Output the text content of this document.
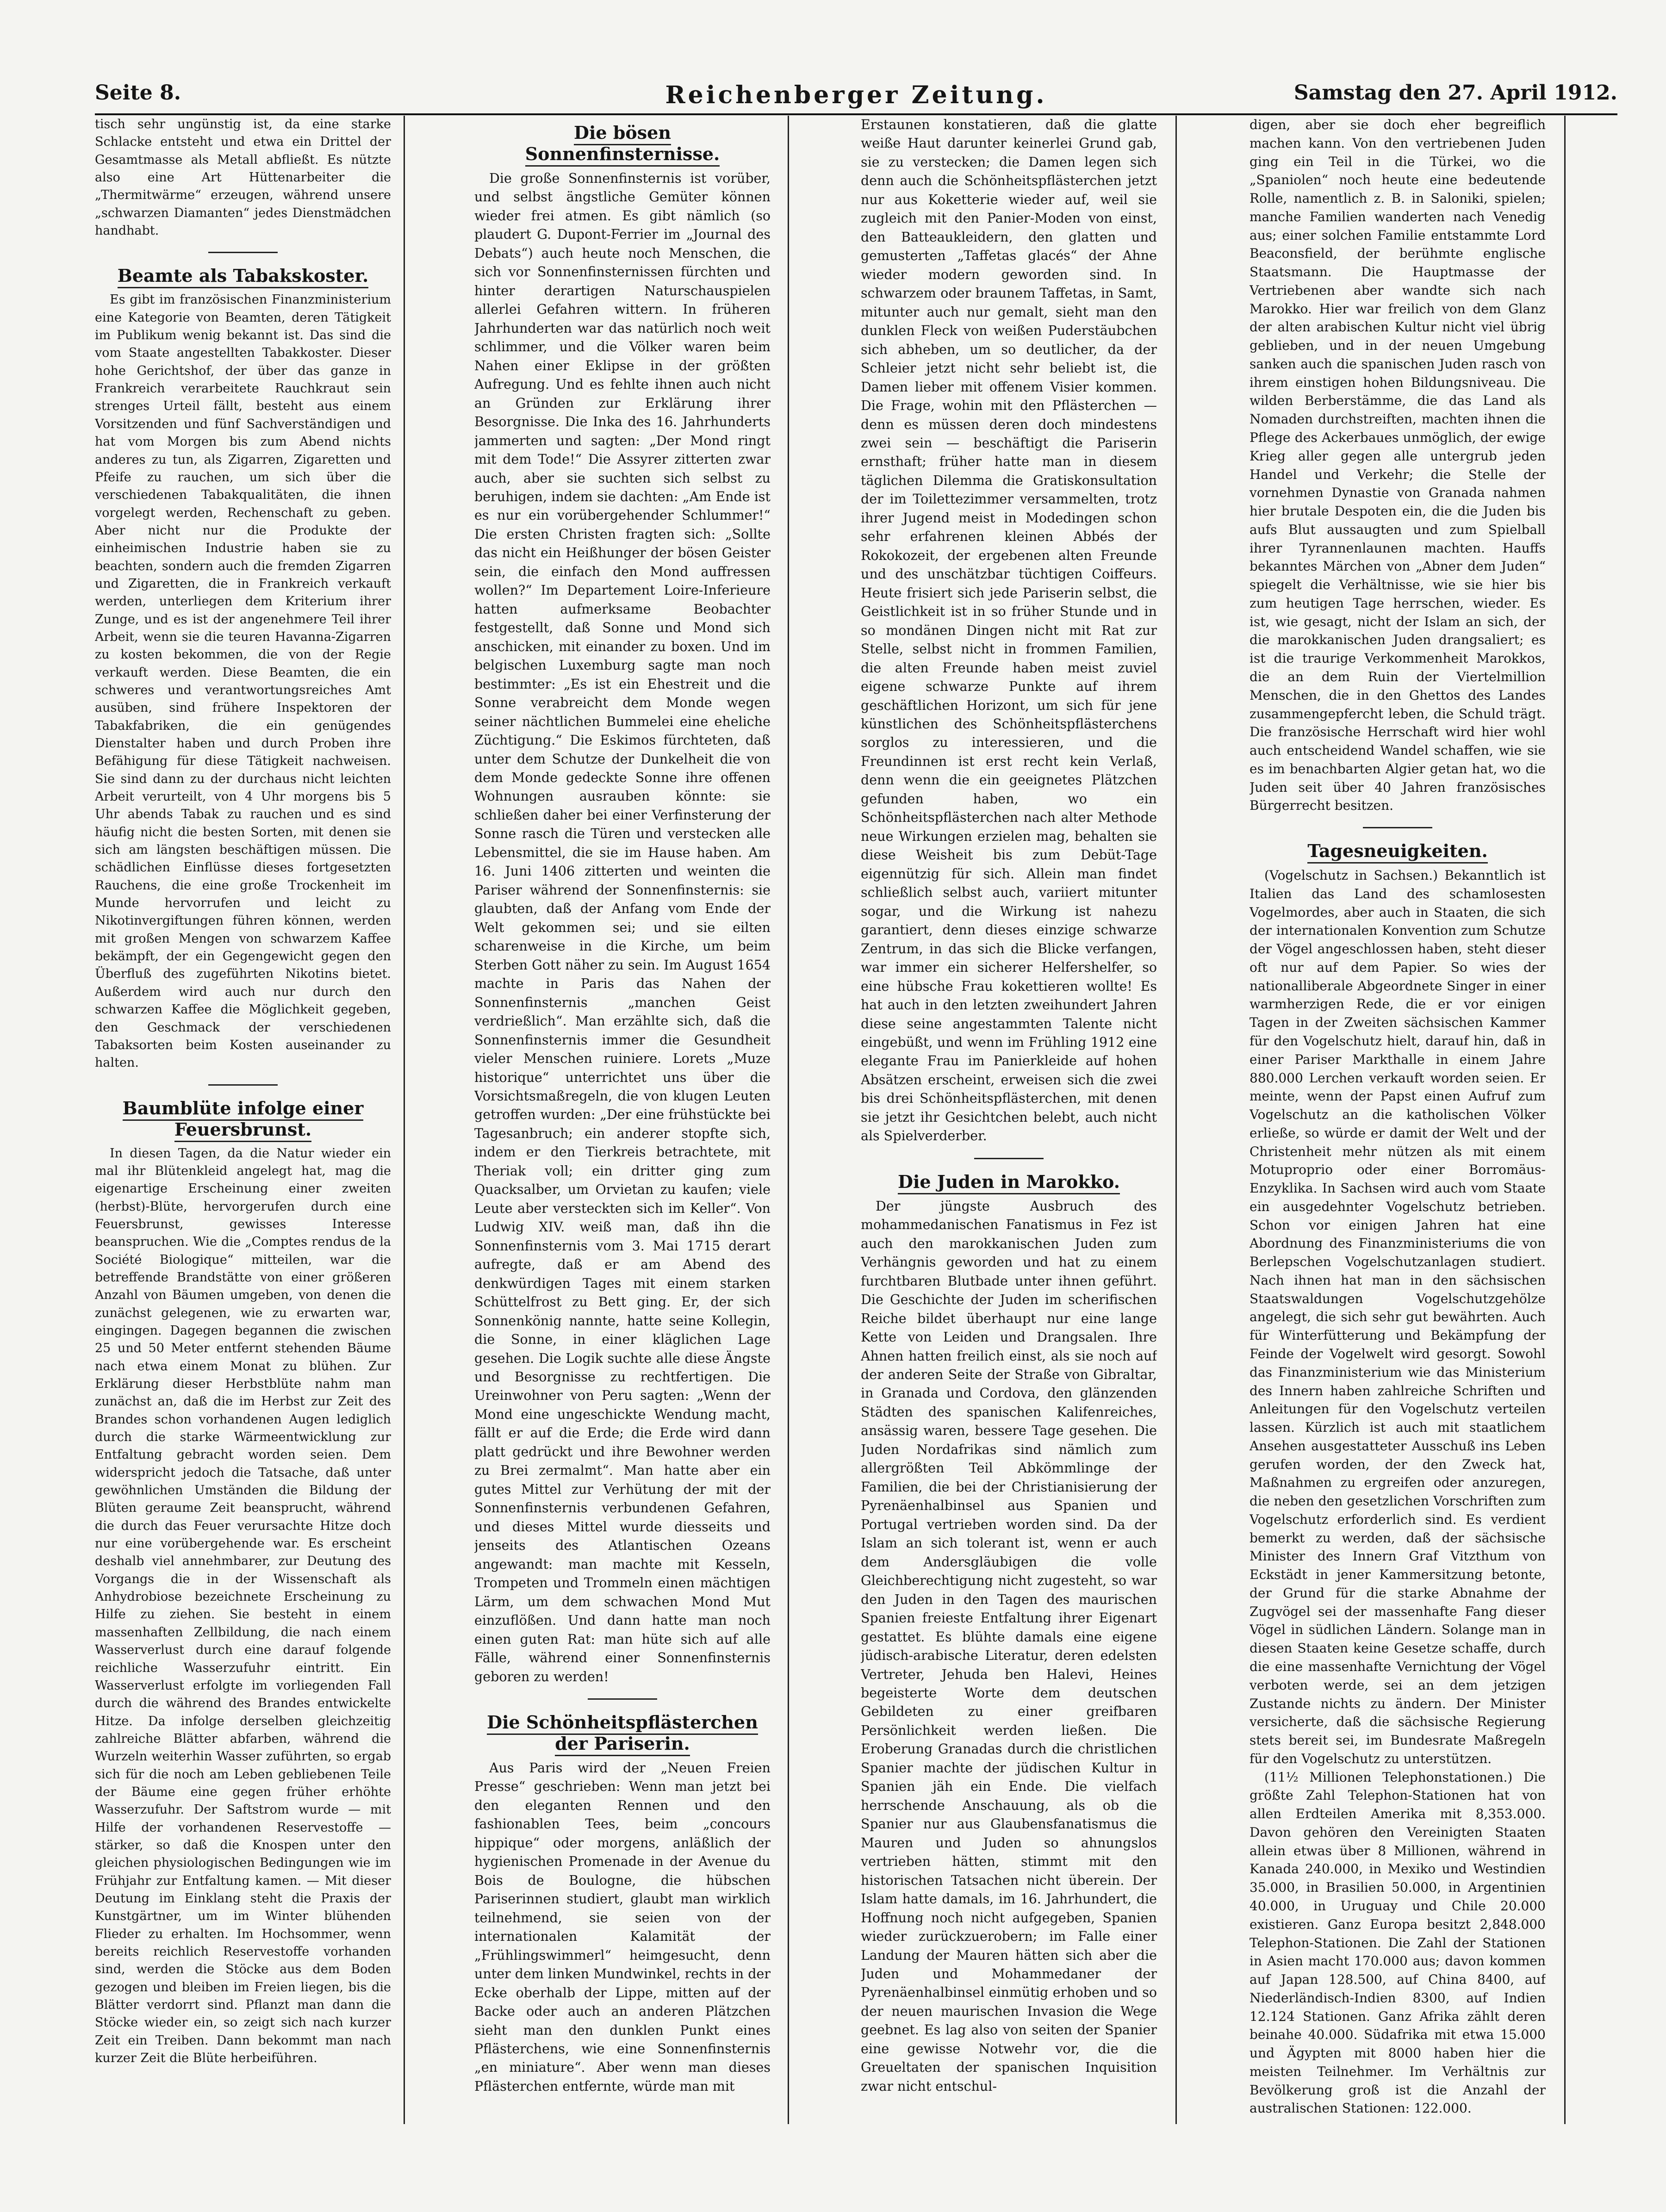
Seite 8.	Reichenberger Zeitung.	Samstag den 27. April 1912.

tisch sehr ungünstig ist, da eine starke Schlacke entsteht und etwa ein Drittel der Gesamtmasse als Metall abfließt. Es nützte also eine Art Hüttenarbeiter die „Thermitwärme“ erzeugen, während unsere „schwarzen Diamanten“ jedes Dienstmädchen handhabt.

Beamte als Tabakskoster.

Es gibt im französischen Finanzministerium eine Kategorie von Beamten, deren Tätigkeit im Publikum wenig bekannt ist. Das sind die vom Staate angestellten Tabakkoster. Dieser hohe Gerichtshof, der über das ganze in Frankreich verarbeitete Rauchkraut sein strenges Urteil fällt, besteht aus einem Vorsitzenden und fünf Sachverständigen und hat vom Morgen bis zum Abend nichts anderes zu tun, als Zigarren, Zigaretten und Pfeife zu rauchen, um sich über die verschiedenen Tabakqualitäten, die ihnen vorgelegt werden, Rechenschaft zu geben. Aber nicht nur die Produkte der einheimischen Industrie haben sie zu beachten, sondern auch die fremden Zigarren und Zigaretten, die in Frankreich verkauft werden, unterliegen dem Kriterium ihrer Zunge, und es ist der angenehmere Teil ihrer Arbeit, wenn sie die teuren Havanna-Zigarren zu kosten bekommen, die von der Regie verkauft werden. Diese Beamten, die ein schweres und verantwortungsreiches Amt ausüben, sind frühere Inspektoren der Tabakfabriken, die ein genügendes Dienstalter haben und durch Proben ihre Befähigung für diese Tätigkeit nachweisen. Sie sind dann zu der durchaus nicht leichten Arbeit verurteilt, von 4 Uhr morgens bis 5 Uhr abends Tabak zu rauchen und es sind häufig nicht die besten Sorten, mit denen sie sich am längsten beschäftigen müssen. Die schädlichen Einflüsse dieses fortgesetzten Rauchens, die eine große Trockenheit im Munde hervorrufen und leicht zu Nikotinvergiftungen führen können, werden mit großen Mengen von schwarzem Kaffee bekämpft, der ein Gegengewicht gegen den Überfluß des zugeführten Nikotins bietet. Außerdem wird auch nur durch den schwarzen Kaffee die Möglichkeit gegeben, den Geschmack der verschiedenen Tabaksorten beim Kosten auseinander zu halten.

Baumblüte infolge einer Feuersbrunst.

In diesen Tagen, da die Natur wieder ein mal ihr Blütenkleid angelegt hat, mag die eigenartige Erscheinung einer zweiten (herbst)-Blüte, hervorgerufen durch eine Feuersbrunst, gewisses Interesse beanspruchen. Wie die „Comptes rendus de la Société Biologique“ mitteilen, war die betreffende Brandstätte von einer größeren Anzahl von Bäumen umgeben, von denen die zunächst gelegenen, wie zu erwarten war, eingingen. Dagegen begannen die zwischen 25 und 50 Meter entfernt stehenden Bäume nach etwa einem Monat zu blühen. Zur Erklärung dieser Herbstblüte nahm man zunächst an, daß die im Herbst zur Zeit des Brandes schon vorhandenen Augen lediglich durch die starke Wärmeentwicklung zur Entfaltung gebracht worden seien. Dem widerspricht jedoch die Tatsache, daß unter gewöhnlichen Umständen die Bildung der Blüten geraume Zeit beansprucht, während die durch das Feuer verursachte Hitze doch nur eine vorübergehende war. Es erscheint deshalb viel annehmbarer, zur Deutung des Vorgangs die in der Wissenschaft als Anhydrobiose bezeichnete Erscheinung zu Hilfe zu ziehen. Sie besteht in einem massenhaften Zellbildung, die nach einem Wasserverlust durch eine darauf folgende reichliche Wasserzufuhr eintritt. Ein Wasserverlust erfolgte im vorliegenden Fall durch die während des Brandes entwickelte Hitze. Da infolge derselben gleichzeitig zahlreiche Blätter abfarben, während die Wurzeln weiterhin Wasser zuführten, so ergab sich für die noch am Leben gebliebenen Teile der Bäume eine gegen früher erhöhte Wasserzufuhr. Der Saftstrom wurde — mit Hilfe der vorhandenen Reservestoffe — stärker, so daß die Knospen unter den gleichen physiologischen Bedingungen wie im Frühjahr zur Entfaltung kamen. — Mit dieser Deutung im Einklang steht die Praxis der Kunstgärtner, um im Winter blühenden Flieder zu erhalten. Im Hochsommer, wenn bereits reichlich Reservestoffe vorhanden sind, werden die Stöcke aus dem Boden gezogen und bleiben im Freien liegen, bis die Blätter verdorrt sind. Pflanzt man dann die Stöcke wieder ein, so zeigt sich nach kurzer Zeit ein Treiben. Dann bekommt man nach kurzer Zeit die Blüte herbeiführen.

Die bösen Sonnenfinsternisse.

Die große Sonnenfinsternis ist vorüber, und selbst ängstliche Gemüter können wieder frei atmen. Es gibt nämlich (so plaudert G. Dupont-Ferrier im „Journal des Debats“) auch heute noch Menschen, die sich vor Sonnenfinsternissen fürchten und hinter derartigen Naturschauspielen allerlei Gefahren wittern. In früheren Jahrhunderten war das natürlich noch weit schlimmer, und die Völker waren beim Nahen einer Eklipse in der größten Aufregung. Und es fehlte ihnen auch nicht an Gründen zur Erklärung ihrer Besorgnisse. Die Inka des 16. Jahrhunderts jammerten und sagten: „Der Mond ringt mit dem Tode!“ Die Assyrer zitterten zwar auch, aber sie suchten sich selbst zu beruhigen, indem sie dachten: „Am Ende ist es nur ein vorübergehender Schlummer!“ Die ersten Christen fragten sich: „Sollte das nicht ein Heißhunger der bösen Geister sein, die einfach den Mond auffressen wollen?“ Im Departement Loire-Inferieure hatten aufmerksame Beobachter festgestellt, daß Sonne und Mond sich anschicken, mit einander zu boxen. Und im belgischen Luxemburg sagte man noch bestimmter: „Es ist ein Ehestreit und die Sonne verabreicht dem Monde wegen seiner nächtlichen Bummelei eine eheliche Züchtigung.“ Die Eskimos fürchteten, daß unter dem Schutze der Dunkelheit die von dem Monde gedeckte Sonne ihre offenen Wohnungen ausrauben könnte: sie schließen daher bei einer Verfinsterung der Sonne rasch die Türen und verstecken alle Lebensmittel, die sie im Hause haben. Am 16. Juni 1406 zitterten und weinten die Pariser während der Sonnenfinsternis: sie glaubten, daß der Anfang vom Ende der Welt gekommen sei; und sie eilten scharenweise in die Kirche, um beim Sterben Gott näher zu sein. Im August 1654 machte in Paris das Nahen der Sonnenfinsternis „manchen Geist verdrießlich“. Man erzählte sich, daß die Sonnenfinsternis immer die Gesundheit vieler Menschen ruiniere. Lorets „Muze historique“ unterrichtet uns über die Vorsichtsmaßregeln, die von klugen Leuten getroffen wurden: „Der eine frühstückte bei Tagesanbruch; ein anderer stopfte sich, indem er den Tierkreis betrachtete, mit Theriak voll; ein dritter ging zum Quacksalber, um Orvietan zu kaufen; viele Leute aber versteckten sich im Keller“. Von Ludwig XIV. weiß man, daß ihn die Sonnenfinsternis vom 3. Mai 1715 derart aufregte, daß er am Abend des denkwürdigen Tages mit einem starken Schüttelfrost zu Bett ging. Er, der sich Sonnenkönig nannte, hatte seine Kollegin, die Sonne, in einer kläglichen Lage gesehen. Die Logik suchte alle diese Ängste und Besorgnisse zu rechtfertigen. Die Ureinwohner von Peru sagten: „Wenn der Mond eine ungeschickte Wendung macht, fällt er auf die Erde; die Erde wird dann platt gedrückt und ihre Bewohner werden zu Brei zermalmt“. Man hatte aber ein gutes Mittel zur Verhütung der mit der Sonnenfinsternis verbundenen Gefahren, und dieses Mittel wurde diesseits und jenseits des Atlantischen Ozeans angewandt: man machte mit Kesseln, Trompeten und Trommeln einen mächtigen Lärm, um dem schwachen Mond Mut einzuflößen. Und dann hatte man noch einen guten Rat: man hüte sich auf alle Fälle, während einer Sonnenfinsternis geboren zu werden!

Die Schönheitspflästerchen der Pariserin.

Aus Paris wird der „Neuen Freien Presse“ geschrieben: Wenn man jetzt bei den eleganten Rennen und den fashionablen Tees, beim „concours hippique“ oder morgens, anläßlich der hygienischen Promenade in der Avenue du Bois de Boulogne, die hübschen Pariserinnen studiert, glaubt man wirklich teilnehmend, sie seien von der internationalen Kalamität der „Frühlingswimmerl“ heimgesucht, denn unter dem linken Mundwinkel, rechts in der Ecke oberhalb der Lippe, mitten auf der Backe oder auch an anderen Plätzchen sieht man den dunklen Punkt eines Pflästerchens, wie eine Sonnenfinsternis „en miniature“. Aber wenn man dieses Pflästerchen entfernte, würde man mit

Erstaunen konstatieren, daß die glatte weiße Haut darunter keinerlei Grund gab, sie zu verstecken; die Damen legen sich denn auch die Schönheitspflästerchen jetzt nur aus Koketterie wieder auf, weil sie zugleich mit den Panier-Moden von einst, den Batteaukleidern, den glatten und gemusterten „Taffetas glacés“ der Ahne wieder modern geworden sind. In schwarzem oder braunem Taffetas, in Samt, mitunter auch nur gemalt, sieht man den dunklen Fleck von weißen Puderstäubchen sich abheben, um so deutlicher, da der Schleier jetzt nicht sehr beliebt ist, die Damen lieber mit offenem Visier kommen. Die Frage, wohin mit den Pflästerchen — denn es müssen deren doch mindestens zwei sein — beschäftigt die Pariserin ernsthaft; früher hatte man in diesem täglichen Dilemma die Gratiskonsultation der im Toilettezimmer versammelten, trotz ihrer Jugend meist in Modedingen schon sehr erfahrenen kleinen Abbés der Rokokozeit, der ergebenen alten Freunde und des unschätzbar tüchtigen Coiffeurs. Heute frisiert sich jede Pariserin selbst, die Geistlichkeit ist in so früher Stunde und in so mondänen Dingen nicht mit Rat zur Stelle, selbst nicht in frommen Familien, die alten Freunde haben meist zuviel eigene schwarze Punkte auf ihrem geschäftlichen Horizont, um sich für jene künstlichen des Schönheitspflästerchens sorglos zu interessieren, und die Freundinnen ist erst recht kein Verlaß, denn wenn die ein geeignetes Plätzchen gefunden haben, wo ein Schönheitspflästerchen nach alter Methode neue Wirkungen erzielen mag, behalten sie diese Weisheit bis zum Debüt-Tage eigennützig für sich. Allein man findet schließlich selbst auch, variiert mitunter sogar, und die Wirkung ist nahezu garantiert, denn dieses einzige schwarze Zentrum, in das sich die Blicke verfangen, war immer ein sicherer Helfershelfer, so eine hübsche Frau kokettieren wollte! Es hat auch in den letzten zweihundert Jahren diese seine angestammten Talente nicht eingebüßt, und wenn im Frühling 1912 eine elegante Frau im Panierkleide auf hohen Absätzen erscheint, erweisen sich die zwei bis drei Schönheitspflästerchen, mit denen sie jetzt ihr Gesichtchen belebt, auch nicht als Spielverderber.

Die Juden in Marokko.

Der jüngste Ausbruch des mohammedanischen Fanatismus in Fez ist auch den marokkanischen Juden zum Verhängnis geworden und hat zu einem furchtbaren Blutbade unter ihnen geführt. Die Geschichte der Juden im scherifischen Reiche bildet überhaupt nur eine lange Kette von Leiden und Drangsalen. Ihre Ahnen hatten freilich einst, als sie noch auf der anderen Seite der Straße von Gibraltar, in Granada und Cordova, den glänzenden Städten des spanischen Kalifenreiches, ansässig waren, bessere Tage gesehen. Die Juden Nordafrikas sind nämlich zum allergrößten Teil Abkömmlinge der Familien, die bei der Christianisierung der Pyrenäenhalbinsel aus Spanien und Portugal vertrieben worden sind. Da der Islam an sich tolerant ist, wenn er auch dem Andersgläubigen die volle Gleichberechtigung nicht zugesteht, so war den Juden in den Tagen des maurischen Spanien freieste Entfaltung ihrer Eigenart gestattet. Es blühte damals eine eigene jüdisch-arabische Literatur, deren edelsten Vertreter, Jehuda ben Halevi, Heines begeisterte Worte dem deutschen Gebildeten zu einer greifbaren Persönlichkeit werden ließen. Die Eroberung Granadas durch die christlichen Spanier machte der jüdischen Kultur in Spanien jäh ein Ende. Die vielfach herrschende Anschauung, als ob die Spanier nur aus Glaubensfanatismus die Mauren und Juden so ahnungslos vertrieben hätten, stimmt mit den historischen Tatsachen nicht überein. Der Islam hatte damals, im 16. Jahrhundert, die Hoffnung noch nicht aufgegeben, Spanien wieder zurückzuerobern; im Falle einer Landung der Mauren hätten sich aber die Juden und Mohammedaner der Pyrenäenhalbinsel einmütig erhoben und so der neuen maurischen Invasion die Wege geebnet. Es lag also von seiten der Spanier eine gewisse Notwehr vor, die die Greueltaten der spanischen Inquisition zwar nicht entschul-

digen, aber sie doch eher begreiflich machen kann. Von den vertriebenen Juden ging ein Teil in die Türkei, wo die „Spaniolen“ noch heute eine bedeutende Rolle, namentlich z. B. in Saloniki, spielen; manche Familien wanderten nach Venedig aus; einer solchen Familie entstammte Lord Beaconsfield, der berühmte englische Staatsmann. Die Hauptmasse der Vertriebenen aber wandte sich nach Marokko. Hier war freilich von dem Glanz der alten arabischen Kultur nicht viel übrig geblieben, und in der neuen Umgebung sanken auch die spanischen Juden rasch von ihrem einstigen hohen Bildungsniveau. Die wilden Berberstämme, die das Land als Nomaden durchstreiften, machten ihnen die Pflege des Ackerbaues unmöglich, der ewige Krieg aller gegen alle untergrub jeden Handel und Verkehr; die Stelle der vornehmen Dynastie von Granada nahmen hier brutale Despoten ein, die die Juden bis aufs Blut aussaugten und zum Spielball ihrer Tyrannenlaunen machten. Hauffs bekanntes Märchen von „Abner dem Juden“ spiegelt die Verhältnisse, wie sie hier bis zum heutigen Tage herrschen, wieder. Es ist, wie gesagt, nicht der Islam an sich, der die marokkanischen Juden drangsaliert; es ist die traurige Verkommenheit Marokkos, die an dem Ruin der Viertelmillion Menschen, die in den Ghettos des Landes zusammengepfercht leben, die Schuld trägt. Die französische Herrschaft wird hier wohl auch entscheidend Wandel schaffen, wie sie es im benachbarten Algier getan hat, wo die Juden seit über 40 Jahren französisches Bürgerrecht besitzen.

Tagesneuigkeiten.

(Vogelschutz in Sachsen.) Bekanntlich ist Italien das Land des schamlosesten Vogelmordes, aber auch in Staaten, die sich der internationalen Konvention zum Schutze der Vögel angeschlossen haben, steht dieser oft nur auf dem Papier. So wies der nationalliberale Abgeordnete Singer in einer warmherzigen Rede, die er vor einigen Tagen in der Zweiten sächsischen Kammer für den Vogelschutz hielt, darauf hin, daß in einer Pariser Markthalle in einem Jahre 880.000 Lerchen verkauft worden seien. Er meinte, wenn der Papst einen Aufruf zum Vogelschutz an die katholischen Völker erließe, so würde er damit der Welt und der Christenheit mehr nützen als mit einem Motuproprio oder einer Borromäus-Enzyklika. In Sachsen wird auch vom Staate ein ausgedehnter Vogelschutz betrieben. Schon vor einigen Jahren hat eine Abordnung des Finanzministeriums die von Berlepschen Vogelschutzanlagen studiert. Nach ihnen hat man in den sächsischen Staatswaldungen Vogelschutzgehölze angelegt, die sich sehr gut bewährten. Auch für Winterfütterung und Bekämpfung der Feinde der Vogelwelt wird gesorgt. Sowohl das Finanzministerium wie das Ministerium des Innern haben zahlreiche Schriften und Anleitungen für den Vogelschutz verteilen lassen. Kürzlich ist auch mit staatlichem Ansehen ausgestatteter Ausschuß ins Leben gerufen worden, der den Zweck hat, Maßnahmen zu ergreifen oder anzuregen, die neben den gesetzlichen Vorschriften zum Vogelschutz erforderlich sind. Es verdient bemerkt zu werden, daß der sächsische Minister des Innern Graf Vitzthum von Eckstädt in jener Kammersitzung betonte, der Grund für die starke Abnahme der Zugvögel sei der massenhafte Fang dieser Vögel in südlichen Ländern. Solange man in diesen Staaten keine Gesetze schaffe, durch die eine massenhafte Vernichtung der Vögel verboten werde, sei an dem jetzigen Zustande nichts zu ändern. Der Minister versicherte, daß die sächsische Regierung stets bereit sei, im Bundesrate Maßregeln für den Vogelschutz zu unterstützen.

(11½ Millionen Telephonstationen.) Die größte Zahl Telephon-Stationen hat von allen Erdteilen Amerika mit 8,353.000. Davon gehören den Vereinigten Staaten allein etwas über 8 Millionen, während in Kanada 240.000, in Mexiko und Westindien 35.000, in Brasilien 50.000, in Argentinien 40.000, in Uruguay und Chile 20.000 existieren. Ganz Europa besitzt 2,848.000 Telephon-Stationen. Die Zahl der Stationen in Asien macht 170.000 aus; davon kommen auf Japan 128.500, auf China 8400, auf Niederländisch-Indien 8300, auf Indien 12.124 Stationen. Ganz Afrika zählt deren beinahe 40.000. Südafrika mit etwa 15.000 und Ägypten mit 8000 haben hier die meisten Teilnehmer. Im Verhältnis zur Bevölkerung groß ist die Anzahl der australischen Stationen: 122.000.
